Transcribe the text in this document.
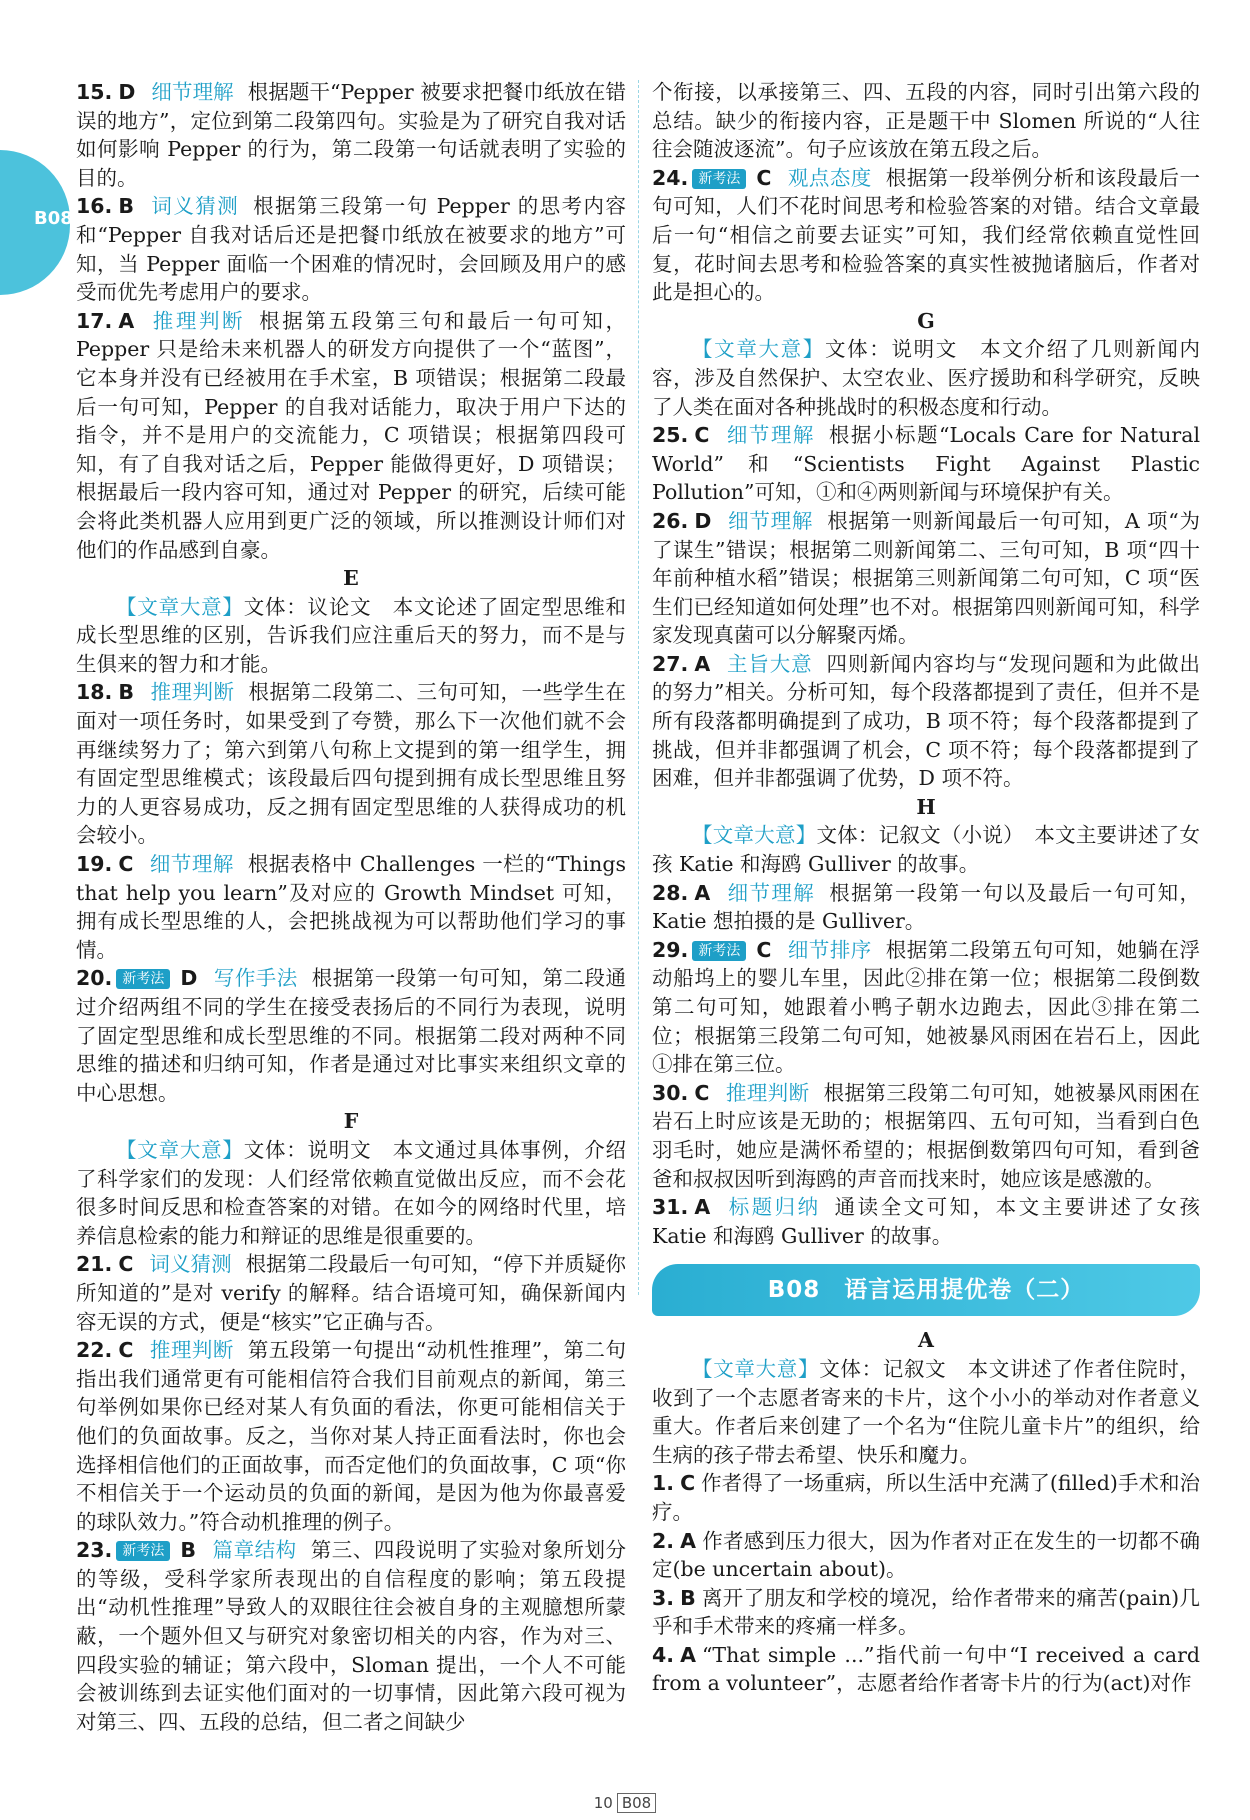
B08

15. D 细节理解 根据题干“Pepper 被要求把餐巾纸放在错误的地方”，定位到第二段第四句。实验是为了研究自我对话如何影响 Pepper 的行为，第二段第一句话就表明了实验的目的。

16. B 词义猜测 根据第三段第一句 Pepper 的思考内容和“Pepper 自我对话后还是把餐巾纸放在被要求的地方”可知，当 Pepper 面临一个困难的情况时，会回顾及用户的感受而优先考虑用户的要求。

17. A 推理判断 根据第五段第三句和最后一句可知，Pepper 只是给未来机器人的研发方向提供了一个“蓝图”，它本身并没有已经被用在手术室，B 项错误；根据第二段最后一句可知，Pepper 的自我对话能力，取决于用户下达的指令，并不是用户的交流能力，C 项错误；根据第四段可知，有了自我对话之后，Pepper 能做得更好，D 项错误；根据最后一段内容可知，通过对 Pepper 的研究，后续可能会将此类机器人应用到更广泛的领域，所以推测设计师们对他们的作品感到自豪。

E

【文章大意】文体：议论文　 本文论述了固定型思维和成长型思维的区别，告诉我们应注重后天的努力，而不是与生俱来的智力和才能。

18. B 推理判断 根据第二段第二、三句可知，一些学生在面对一项任务时，如果受到了夸赞，那么下一次他们就不会再继续努力了；第六到第八句称上文提到的第一组学生，拥有固定型思维模式；该段最后四句提到拥有成长型思维且努力的人更容易成功，反之拥有固定型思维的人获得成功的机会较小。

19. C 细节理解 根据表格中 Challenges 一栏的“Things that help you learn”及对应的 Growth Mindset 可知，拥有成长型思维的人，会把挑战视为可以帮助他们学习的事情。

20. 新考法 D 写作手法 根据第一段第一句可知，第二段通过介绍两组不同的学生在接受表扬后的不同行为表现，说明了固定型思维和成长型思维的不同。根据第二段对两种不同思维的描述和归纳可知，作者是通过对比事实来组织文章的中心思想。

F

【文章大意】文体：说明文　 本文通过具体事例，介绍了科学家们的发现：人们经常依赖直觉做出反应，而不会花很多时间反思和检查答案的对错。在如今的网络时代里，培养信息检索的能力和辩证的思维是很重要的。

21. C 词义猜测 根据第二段最后一句可知，“停下并质疑你所知道的”是对 verify 的解释。结合语境可知，确保新闻内容无误的方式，便是“核实”它正确与否。

22. C 推理判断 第五段第一句提出“动机性推理”，第二句指出我们通常更有可能相信符合我们目前观点的新闻，第三句举例如果你已经对某人有负面的看法，你更可能相信关于他们的负面故事。反之，当你对某人持正面看法时，你也会选择相信他们的正面故事，而否定他们的负面故事，C 项“你不相信关于一个运动员的负面的新闻，是因为他为你最喜爱的球队效力。”符合动机推理的例子。

23. 新考法 B 篇章结构 第三、四段说明了实验对象所划分的等级，受科学家所表现出的自信程度的影响；第五段提出“动机性推理”导致人的双眼往往会被自身的主观臆想所蒙蔽，一个题外但又与研究对象密切相关的内容，作为对三、四段实验的辅证；第六段中，Sloman 提出，一个人不可能会被训练到去证实他们面对的一切事情，因此第六段可视为对第三、四、五段的总结，但二者之间缺少

个衔接，以承接第三、四、五段的内容，同时引出第六段的总结。缺少的衔接内容，正是题干中 Slomen 所说的“人往往会随波逐流”。句子应该放在第五段之后。

24. 新考法 C 观点态度 根据第一段举例分析和该段最后一句可知，人们不花时间思考和检验答案的对错。结合文章最后一句“相信之前要去证实”可知，我们经常依赖直觉性回复，花时间去思考和检验答案的真实性被抛诸脑后，作者对此是担心的。

G

【文章大意】文体：说明文　 本文介绍了几则新闻内容，涉及自然保护、太空农业、医疗援助和科学研究，反映了人类在面对各种挑战时的积极态度和行动。

25. C 细节理解 根据小标题“Locals Care for Natural World”和“Scientists Fight Against Plastic Pollution”可知，①和④两则新闻与环境保护有关。

26. D 细节理解 根据第一则新闻最后一句可知，A 项“为了谋生”错误；根据第二则新闻第二、三句可知，B 项“四十年前种植水稻”错误；根据第三则新闻第二句可知，C 项“医生们已经知道如何处理”也不对。根据第四则新闻可知，科学家发现真菌可以分解聚丙烯。

27. A 主旨大意 四则新闻内容均与“发现问题和为此做出的努力”相关。分析可知，每个段落都提到了责任，但并不是所有段落都明确提到了成功，B 项不符；每个段落都提到了挑战，但并非都强调了机会，C 项不符；每个段落都提到了困难，但并非都强调了优势，D 项不符。

H

【文章大意】文体：记叙文（小说）　 本文主要讲述了女孩 Katie 和海鸥 Gulliver 的故事。

28. A 细节理解 根据第一段第一句以及最后一句可知，Katie 想拍摄的是 Gulliver。

29. 新考法 C 细节排序 根据第二段第五句可知，她躺在浮动船坞上的婴儿车里，因此②排在第一位；根据第二段倒数第二句可知，她跟着小鸭子朝水边跑去，因此③排在第二位；根据第三段第二句可知，她被暴风雨困在岩石上，因此①排在第三位。

30. C 推理判断 根据第三段第二句可知，她被暴风雨困在岩石上时应该是无助的；根据第四、五句可知，当看到白色羽毛时，她应是满怀希望的；根据倒数第四句可知，看到爸爸和叔叔因听到海鸥的声音而找来时，她应该是感激的。

31. A 标题归纳 通读全文可知，本文主要讲述了女孩 Katie 和海鸥 Gulliver 的故事。

B08　语言运用提优卷（二）

A

【文章大意】文体：记叙文　 本文讲述了作者住院时，收到了一个志愿者寄来的卡片，这个小小的举动对作者意义重大。作者后来创建了一个名为“住院儿童卡片”的组织，给生病的孩子带去希望、快乐和魔力。

1. C 作者得了一场重病，所以生活中充满了(filled)手术和治疗。

2. A 作者感到压力很大，因为作者对正在发生的一切都不确定(be uncertain about)。

3. B 离开了朋友和学校的境况，给作者带来的痛苦(pain)几乎和手术带来的疼痛一样多。

4. A “That simple ...”指代前一句中“I received a card from a volunteer”，志愿者给作者寄卡片的行为(act)对作

10 B08
